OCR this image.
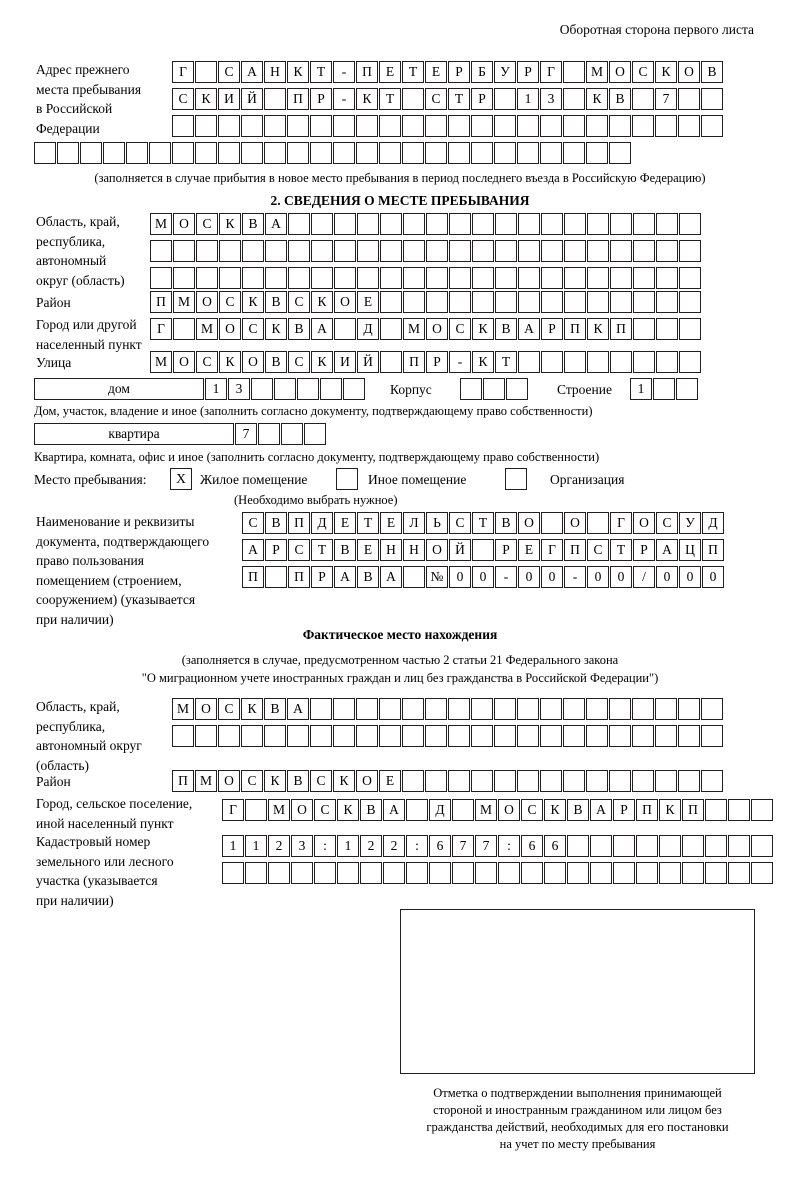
Оборотная сторона первого листа
Адрес прежнего
места пребывания
в Российской
Федерации
Г	С	А Н	К	Т	-	П	Е	Т	Е	Р	Б	У	Р	Г	М О	С	К	О	В
С	К	И Й	П	Р	-	К	Т	С	Т	Р	1	3	К	В	7
(заполняется в случае прибытия в новое место пребывания в период последнего въезда в Российскую Федерацию)
2. СВЕДЕНИЯ О МЕСТЕ ПРЕБЫВАНИЯ
Область, край,
республика,
автономный
округ (область)
М О	С	К	В	А
Район	П М О	С	К	В	С	К	О	Е
Город или другой
населенный пункт
Г	М О	С	К	В	А	Д	М О	С	К	В	А	Р	П	К	П
Улица	М О	С	К	О	В	С	К	И Й	П	Р	-	К	Т
дом	1	3	Корпус	Строение	1
Дом, участок, владение и иное (заполнить согласно документу, подтверждающему право собственности)
квартира	7
Квартира, комната, офис и иное (заполнить согласно документу, подтверждающему право собственности)
Место пребывания:	X	Жилое помещение	Иное помещение	Организация
(Необходимо выбрать нужное)
Наименование и реквизиты
документа, подтверждающего
право пользования
помещением (строением,
сооружением) (указывается
при наличии)
С	В	П	Д	Е	Т	Е	Л	Ь	С	Т	В	О	О	Г	О	С	У	Д
А	Р	С	Т	В	Е	Н Н О Й	Р	Е	Г	П	С	Т	Р	А Ц П
П	П	Р	А	В	А	№ 0	0	-	0	0	-	0	0	/	0	0	0
Фактическое место нахождения
(заполняется в случае, предусмотренном частью 2 статьи 21 Федерального закона
"О миграционном учете иностранных граждан и лиц без гражданства в Российской Федерации")
Область, край,
республика,
автономный округ
(область)
М О	С	К	В	А
Район	П М О	С	К	В	С	К	О	Е
Город, сельское поселение,
иной населенный пункт
Г	М О	С	К	В	А	Д	М О	С	К	В	А	Р	П	К	П
Кадастровый номер
земельного или лесного
участка (указывается
при наличии)
1	1	2	3	:	1	2	2	:	6	7	7	:	6	6
Отметка о подтверждении выполнения принимающей
стороной и иностранным гражданином или лицом без
гражданства действий, необходимых для его постановки
на учет по месту пребывания
